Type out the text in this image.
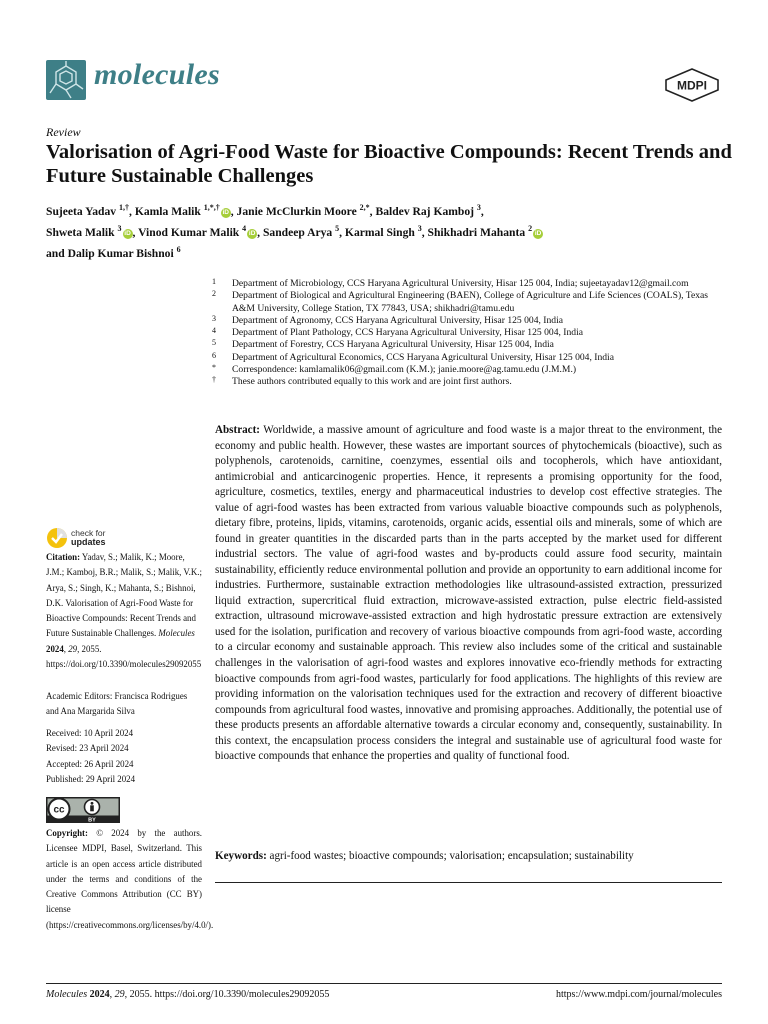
molecules	MDPI
Review
Valorisation of Agri-Food Waste for Bioactive Compounds: Recent Trends and Future Sustainable Challenges
Sujeeta Yadav $^{1,\dagger}$, Kamla Malik $^{1,*,\dagger}$iD , Janie McClurkin Moore $^{2,*}$, Baldev Raj Kamboj $^3$,
Shweta Malik $^3$iD , Vinod Kumar Malik $^4$iD , Sandeep Arya $^5$, Karmal Singh $^3$, Shikhadri Mahanta $^2$iD
and Dalip Kumar Bishnoi $^6$
1 Department of Microbiology, CCS Haryana Agricultural University, Hisar 125 004, India; sujeetayadav12@gmail.com
2 Department of Biological and Agricultural Engineering (BAEN), College of Agriculture and Life Sciences (COALS), Texas A&M University, College Station, TX 77843, USA; shikhadri@tamu.edu
3 Department of Agronomy, CCS Haryana Agricultural University, Hisar 125 004, India
4 Department of Plant Pathology, CCS Haryana Agricultural University, Hisar 125 004, India
5 Department of Forestry, CCS Haryana Agricultural University, Hisar 125 004, India
6 Department of Agricultural Economics, CCS Haryana Agricultural University, Hisar 125 004, India
* Correspondence: kamlamalik06@gmail.com (K.M.); janie.moore@ag.tamu.edu (J.M.M.)
† These authors contributed equally to this work and are joint first authors.

Abstract: Worldwide, a massive amount of agriculture and food waste is a major threat to the environment, the economy and public health. However, these wastes are important sources of phytochemicals (bioactive), such as polyphenols, carotenoids, carnitine, coenzymes, essential oils and tocopherols, which have antioxidant, antimicrobial and anticarcinogenic properties. Hence, it represents a promising opportunity for the food, agriculture, cosmetics, textiles, energy and pharmaceutical industries to develop cost effective strategies. The value of agri-food wastes has been extracted from various valuable bioactive compounds such as polyphenols, dietary fibre, proteins, lipids, vitamins, carotenoids, organic acids, essential oils and minerals, some of which are found in greater quantities in the discarded parts than in the parts accepted by the market used for different industrial sectors. The value of agri-food wastes and by-products could assure food security, maintain sustainability, efficiently reduce environmental pollution and provide an opportunity to earn additional income for industries. Furthermore, sustainable extraction methodologies like ultrasound-assisted extraction, pressurized liquid extraction, supercritical fluid extraction, microwave-assisted extraction, pulse electric field-assisted extraction, ultrasound microwave-assisted extraction and high hydrostatic pressure extraction are extensively used for the isolation, purification and recovery of various bioactive compounds from agri-food waste, according to a circular economy and sustainable approach. This review also includes some of the critical and sustainable challenges in the valorisation of agri-food wastes and explores innovative eco-friendly methods for extracting bioactive compounds from agri-food wastes, particularly for food applications. The highlights of this review are providing information on the valorisation techniques used for the extraction and recovery of different bioactive compounds from agricultural food wastes, innovative and promising approaches. Additionally, the potential use of these products presents an affordable alternative towards a circular economy and, consequently, sustainability. In this context, the encapsulation process considers the integral and sustainable use of agricultural food waste for bioactive compounds that enhance the properties and quality of functional food.

Keywords: agri-food wastes; bioactive compounds; valorisation; encapsulation; sustainability

check for
updates

Citation: Yadav, S.; Malik, K.; Moore, J.M.; Kamboj, B.R.; Malik, S.; Malik, V.K.; Arya, S.; Singh, K.; Mahanta, S.; Bishnoi, D.K. Valorisation of Agri-Food Waste for Bioactive Compounds: Recent Trends and Future Sustainable Challenges. Molecules 2024, 29, 2055. https://doi.org/10.3390/molecules29092055

Academic Editors: Francisca Rodrigues and Ana Margarida Silva

Received: 10 April 2024
Revised: 23 April 2024
Accepted: 26 April 2024
Published: 29 April 2024
cc
BY

Copyright: © 2024 by the authors. Licensee MDPI, Basel, Switzerland. This article is an open access article distributed under the terms and conditions of the Creative Commons Attribution (CC BY) license (https://creativecommons.org/licenses/by/4.0/).

Molecules 2024, 29, 2055. https://doi.org/10.3390/molecules29092055	https://www.mdpi.com/journal/molecules
